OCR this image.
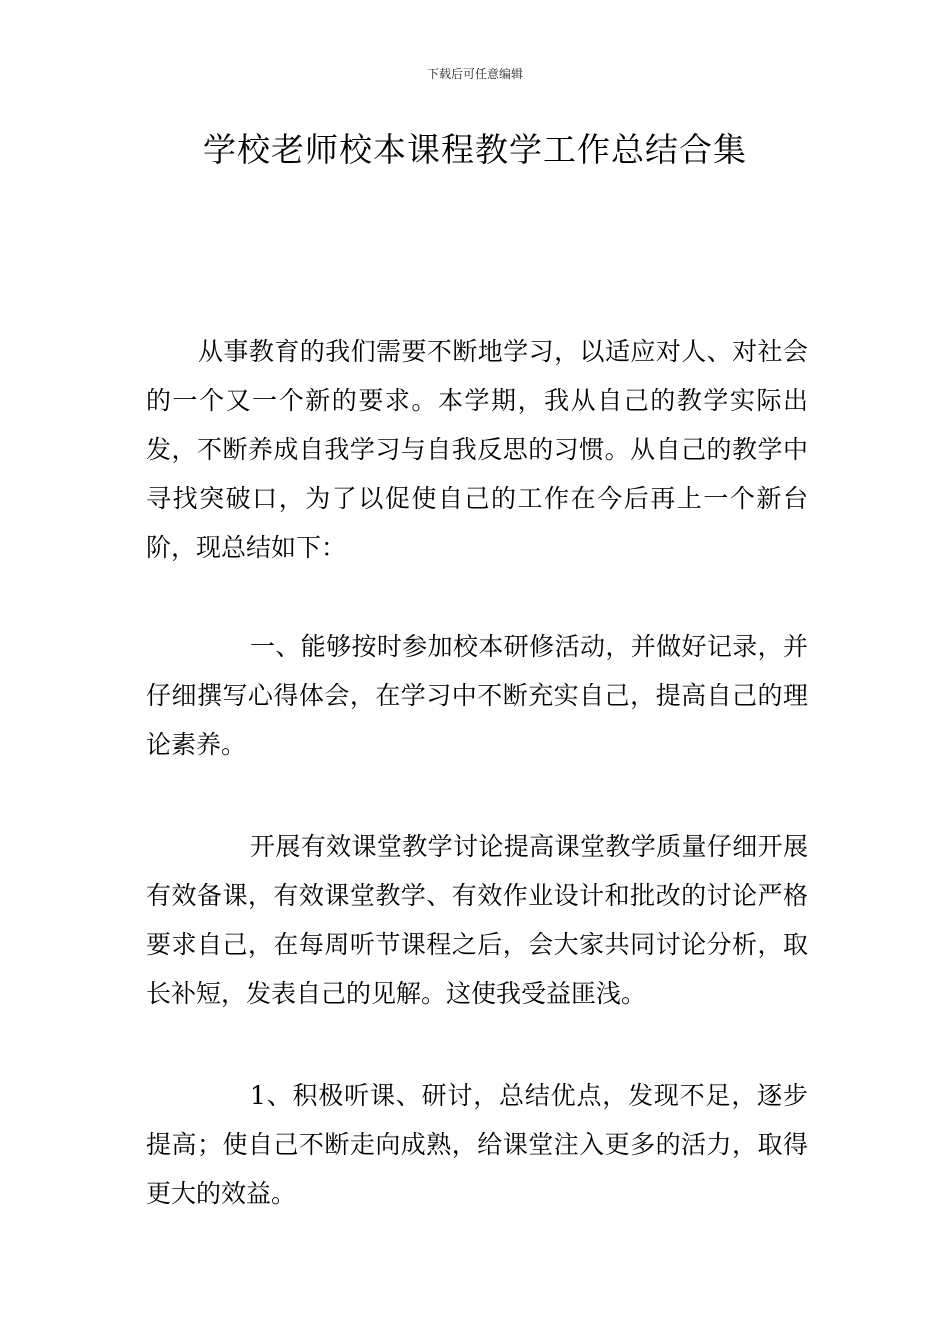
下载后可任意编辑
学校老师校本课程教学工作总结合集

从事教育的我们需要不断地学习，以适应对人、对社会的一个又一个新的要求。本学期，我从自己的教学实际出发，不断养成自我学习与自我反思的习惯。从自己的教学中寻找突破口，为了以促使自己的工作在今后再上一个新台阶，现总结如下：

一、能够按时参加校本研修活动，并做好记录，并仔细撰写心得体会，在学习中不断充实自己，提高自己的理论素养。

开展有效课堂教学讨论提高课堂教学质量仔细开展有效备课，有效课堂教学、有效作业设计和批改的讨论严格要求自己，在每周听节课程之后，会大家共同讨论分析，取长补短，发表自己的见解。这使我受益匪浅。

1、积极听课、研讨，总结优点，发现不足，逐步提高；使自己不断走向成熟，给课堂注入更多的活力，取得更大的效益。
